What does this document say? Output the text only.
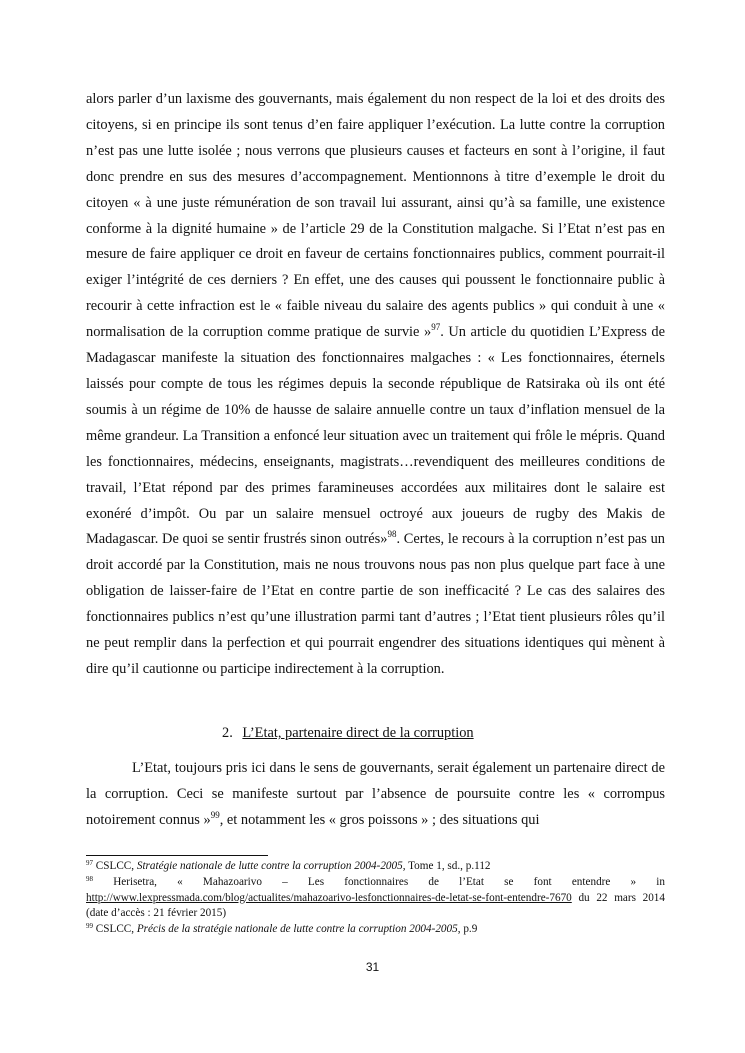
alors parler d’un laxisme des gouvernants, mais également du non respect de la loi et des droits des citoyens, si en principe ils sont tenus d’en faire appliquer l’exécution. La lutte contre la corruption n’est pas une lutte isolée ; nous verrons que plusieurs causes et facteurs en sont à l’origine, il faut donc prendre en sus des mesures d’accompagnement. Mentionnons à titre d’exemple le droit du citoyen « à une juste rémunération de son travail lui assurant, ainsi qu’à sa famille, une existence conforme à la dignité humaine » de l’article 29 de la Constitution malgache. Si l’Etat n’est pas en mesure de faire appliquer ce droit en faveur de certains fonctionnaires publics, comment pourrait-il exiger l’intégrité de ces derniers ? En effet, une des causes qui poussent le fonctionnaire public à recourir à cette infraction est le « faible niveau du salaire des agents publics » qui conduit à une « normalisation de la corruption comme pratique de survie »$^{97}$. Un article du quotidien L’Express de Madagascar manifeste la situation des fonctionnaires malgaches : « Les fonctionnaires, éternels laissés pour compte de tous les régimes depuis la seconde république de Ratsiraka où ils ont été soumis à un régime de 10% de hausse de salaire annuelle contre un taux d’inflation mensuel de la même grandeur. La Transition a enfoncé leur situation avec un traitement qui frôle le mépris. Quand les fonctionnaires, médecins, enseignants, magistrats…revendiquent des meilleures conditions de travail, l’Etat répond par des primes faramineuses accordées aux militaires dont le salaire est exonéré d’impôt. Ou par un salaire mensuel octroyé aux joueurs de rugby des Makis de Madagascar. De quoi se sentir frustrés sinon outrés»$^{98}$. Certes, le recours à la corruption n’est pas un droit accordé par la Constitution, mais ne nous trouvons nous pas non plus quelque part face à une obligation de laisser-faire de l’Etat en contre partie de son inefficacité ? Le cas des salaires des fonctionnaires publics n’est qu’une illustration parmi tant d’autres ; l’Etat tient plusieurs rôles qu’il ne peut remplir dans la perfection et qui pourrait engendrer des situations identiques qui mènent à dire qu’il cautionne ou participe indirectement à la corruption.

2. L’Etat, partenaire direct de la corruption

L’Etat, toujours pris ici dans le sens de gouvernants, serait également un partenaire direct de la corruption. Ceci se manifeste surtout par l’absence de poursuite contre les « corrompus notoirement connus »$^{99}$, et notamment les « gros poissons » ; des situations qui

$^{97}$ CSLCC, Stratégie nationale de lutte contre la corruption 2004-2005, Tome 1, sd., p.112
$^{98}$ Herisetra, « Mahazoarivo – Les fonctionnaires de l’Etat se font entendre » in
http://www.lexpressmada.com/blog/actualites/mahazoarivo-lesfonctionnaires-de-letat-se-font-entendre-7670 du 22 mars 2014 (date d’accès : 21 février 2015)
$^{99}$ CSLCC, Précis de la stratégie nationale de lutte contre la corruption 2004-2005, p.9
31
